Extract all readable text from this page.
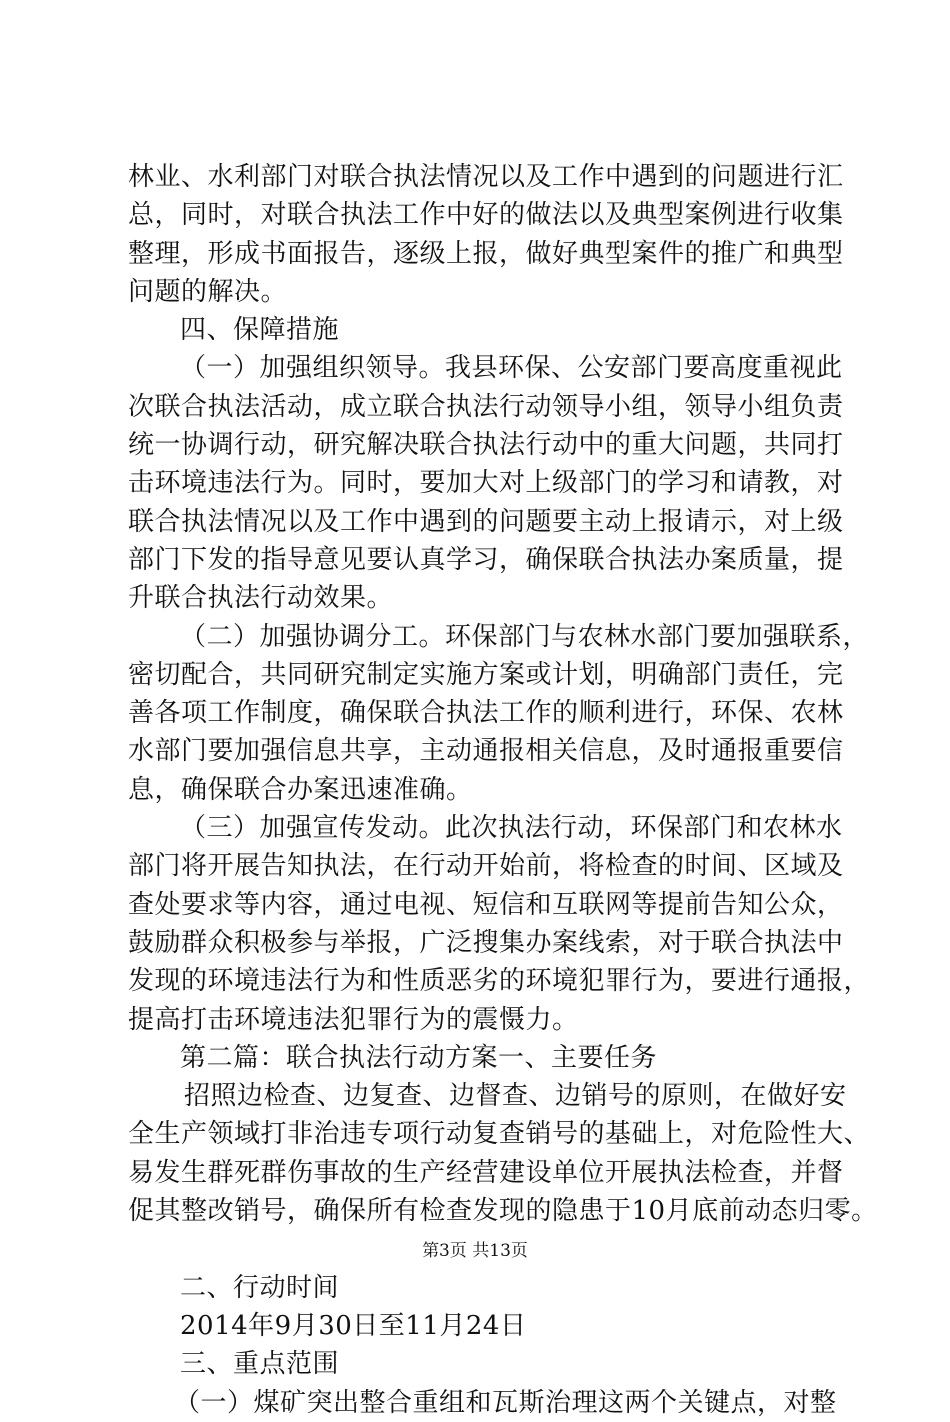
林业、水利部门对联合执法情况以及工作中遇到的问题进行汇
总，同时，对联合执法工作中好的做法以及典型案例进行收集
整理，形成书面报告，逐级上报，做好典型案件的推广和典型
问题的解决。
四、保障措施
（一）加强组织领导。我县环保、公安部门要高度重视此
次联合执法活动，成立联合执法行动领导小组，领导小组负责
统一协调行动，研究解决联合执法行动中的重大问题，共同打
击环境违法行为。同时，要加大对上级部门的学习和请教，对
联合执法情况以及工作中遇到的问题要主动上报请示，对上级
部门下发的指导意见要认真学习，确保联合执法办案质量，提
升联合执法行动效果。
（二）加强协调分工。环保部门与农林水部门要加强联系，
密切配合，共同研究制定实施方案或计划，明确部门责任，完
善各项工作制度，确保联合执法工作的顺利进行，环保、农林
水部门要加强信息共享，主动通报相关信息，及时通报重要信
息，确保联合办案迅速准确。
（三）加强宣传发动。此次执法行动，环保部门和农林水
部门将开展告知执法，在行动开始前，将检查的时间、区域及
查处要求等内容，通过电视、短信和互联网等提前告知公众，
鼓励群众积极参与举报，广泛搜集办案线索，对于联合执法中
发现的环境违法行为和性质恶劣的环境犯罪行为，要进行通报，
提高打击环境违法犯罪行为的震慑力。
第二篇：联合执法行动方案一、主要任务
招照边检查、边复查、边督查、边销号的原则，在做好安
全生产领域打非治违专项行动复查销号的基础上，对危险性大、
易发生群死群伤事故的生产经营建设单位开展执法检查，并督
促其整改销号，确保所有检查发现的隐患于10月底前动态归零。
二、行动时间
2014年9月30日至11月24日
三、重点范围
（一）煤矿突出整合重组和瓦斯治理这两个关键点，对整
第3页 共13页
